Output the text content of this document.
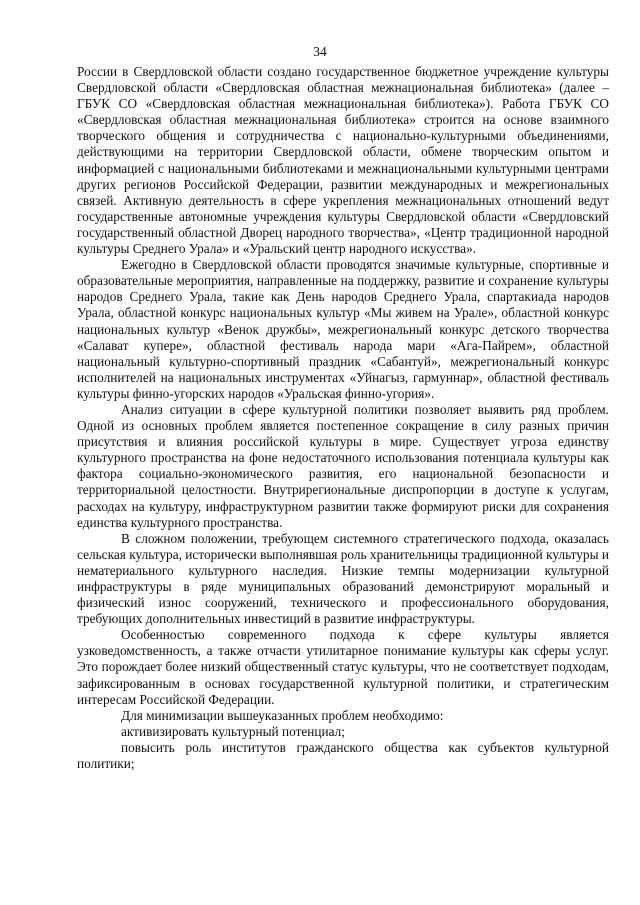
34

России в Свердловской области создано государственное бюджетное учреждение культуры Свердловской области «Свердловская областная межнациональная библиотека» (далее – ГБУК СО «Свердловская областная межнациональная библиотека»). Работа ГБУК СО «Свердловская областная межнациональная библиотека» строится на основе взаимного творческого общения и сотрудничества с национально-культурными объединениями, действующими на территории Свердловской области, обмене творческим опытом и информацией с национальными библиотеками и межнациональными культурными центрами других регионов Российской Федерации, развитии международных и межрегиональных связей. Активную деятельность в сфере укрепления межнациональных отношений ведут государственные автономные учреждения культуры Свердловской области «Свердловский государственный областной Дворец народного творчества», «Центр традиционной народной культуры Среднего Урала» и «Уральский центр народного искусства».

Ежегодно в Свердловской области проводятся значимые культурные, спортивные и образовательные мероприятия, направленные на поддержку, развитие и сохранение культуры народов Среднего Урала, такие как День народов Среднего Урала, спартакиада народов Урала, областной конкурс национальных культур «Мы живем на Урале», областной конкурс национальных культур «Венок дружбы», межрегиональный конкурс детского творчества «Салават купере», областной фестиваль народа мари «Ага-Пайрем», областной национальный культурно-спортивный праздник «Сабантуй», межрегиональный конкурс исполнителей на национальных инструментах «Уйнагыз, гармуннар», областной фестиваль культуры финно-угорских народов «Уральская финно-угория».

Анализ ситуации в сфере культурной политики позволяет выявить ряд проблем. Одной из основных проблем является постепенное сокращение в силу разных причин присутствия и влияния российской культуры в мире. Существует угроза единству культурного пространства на фоне недостаточного использования потенциала культуры как фактора социально-экономического развития, его национальной безопасности и территориальной целостности. Внутрирегиональные диспропорции в доступе к услугам, расходах на культуру, инфраструктурном развитии также формируют риски для сохранения единства культурного пространства.

В сложном положении, требующем системного стратегического подхода, оказалась сельская культура, исторически выполнявшая роль хранительницы традиционной культуры и нематериального культурного наследия. Низкие темпы модернизации культурной инфраструктуры в ряде муниципальных образований демонстрируют моральный и физический износ сооружений, технического и профессионального оборудования, требующих дополнительных инвестиций в развитие инфраструктуры.

Особенностью современного подхода к сфере культуры является узковедомственность, а также отчасти утилитарное понимание культуры как сферы услуг. Это порождает более низкий общественный статус культуры, что не соответствует подходам, зафиксированным в основах государственной культурной политики, и стратегическим интересам Российской Федерации.

Для минимизации вышеуказанных проблем необходимо:

активизировать культурный потенциал;

повысить роль институтов гражданского общества как субъектов культурной политики;
